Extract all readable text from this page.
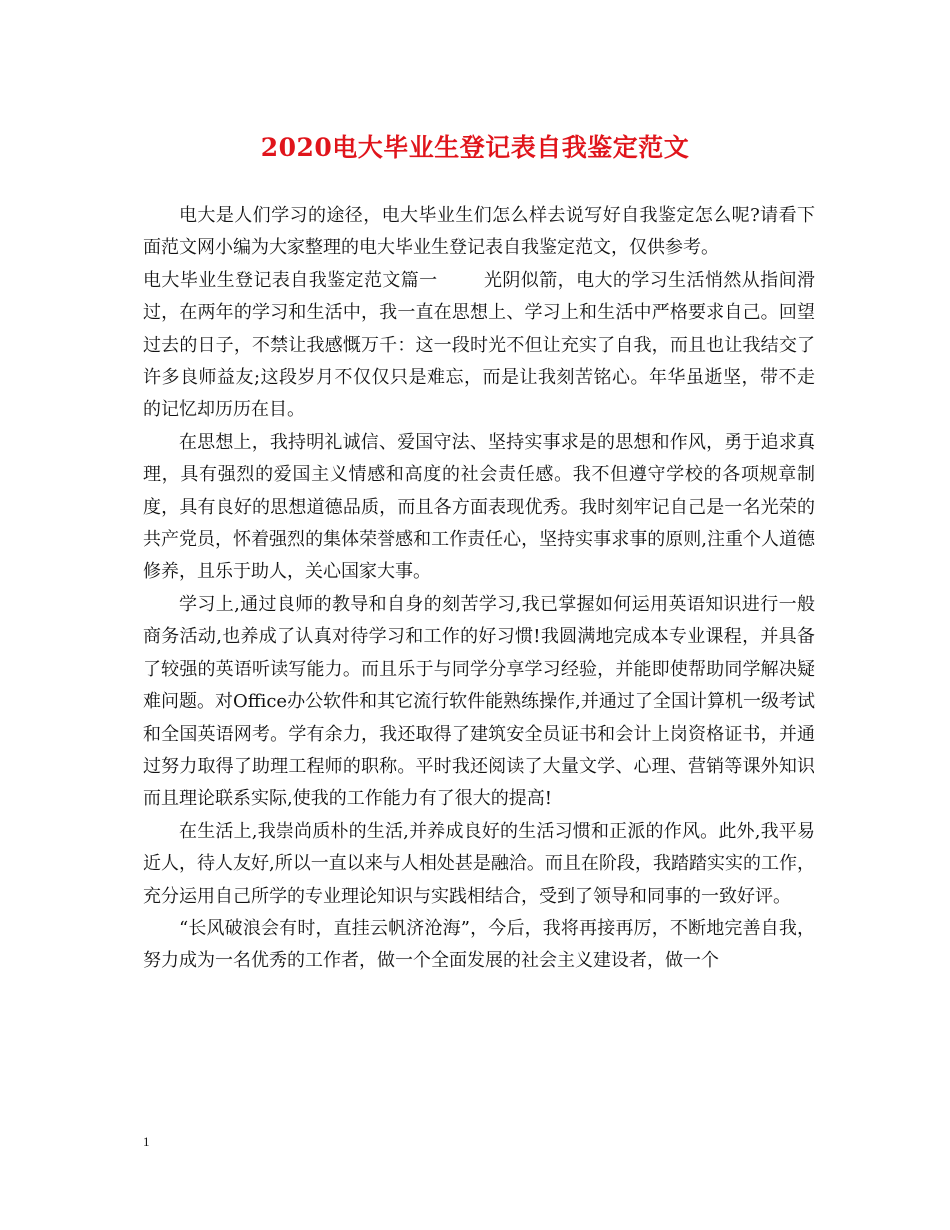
2020电大毕业生登记表自我鉴定范文

电大是人们学习的途径，电大毕业生们怎么样去说写好自我鉴定怎么呢?请看下面范文网小编为大家整理的电大毕业生登记表自我鉴定范文，仅供参考。

电大毕业生登记表自我鉴定范文篇一	光阴似箭，电大的学习生活悄然从指间滑过，在两年的学习和生活中，我一直在思想上、学习上和生活中严格要求自己。回望过去的日子，不禁让我感慨万千：这一段时光不但让充实了自我，而且也让我结交了许多良师益友;这段岁月不仅仅只是难忘，而是让我刻苦铭心。年华虽逝坚，带不走的记忆却历历在目。

在思想上，我持明礼诚信、爱国守法、坚持实事求是的思想和作风，勇于追求真理，具有强烈的爱国主义情感和高度的社会责任感。我不但遵守学校的各项规章制度，具有良好的思想道德品质，而且各方面表现优秀。我时刻牢记自己是一名光荣的共产党员，怀着强烈的集体荣誉感和工作责任心，坚持实事求事的原则,注重个人道德修养，且乐于助人，关心国家大事。

学习上,通过良师的教导和自身的刻苦学习,我已掌握如何运用英语知识进行一般商务活动,也养成了认真对待学习和工作的好习惯!我圆满地完成本专业课程，并具备了较强的英语听读写能力。而且乐于与同学分享学习经验，并能即使帮助同学解决疑难问题。对Office办公软件和其它流行软件能熟练操作,并通过了全国计算机一级考试和全国英语网考。学有余力，我还取得了建筑安全员证书和会计上岗资格证书，并通过努力取得了助理工程师的职称。平时我还阅读了大量文学、心理、营销等课外知识而且理论联系实际,使我的工作能力有了很大的提高!

在生活上,我崇尚质朴的生活,并养成良好的生活习惯和正派的作风。此外,我平易近人，待人友好,所以一直以来与人相处甚是融洽。而且在阶段，我踏踏实实的工作，充分运用自己所学的专业理论知识与实践相结合，受到了领导和同事的一致好评。

“长风破浪会有时，直挂云帆济沧海”，今后，我将再接再厉，不断地完善自我，努力成为一名优秀的工作者，做一个全面发展的社会主义建设者，做一个

1
